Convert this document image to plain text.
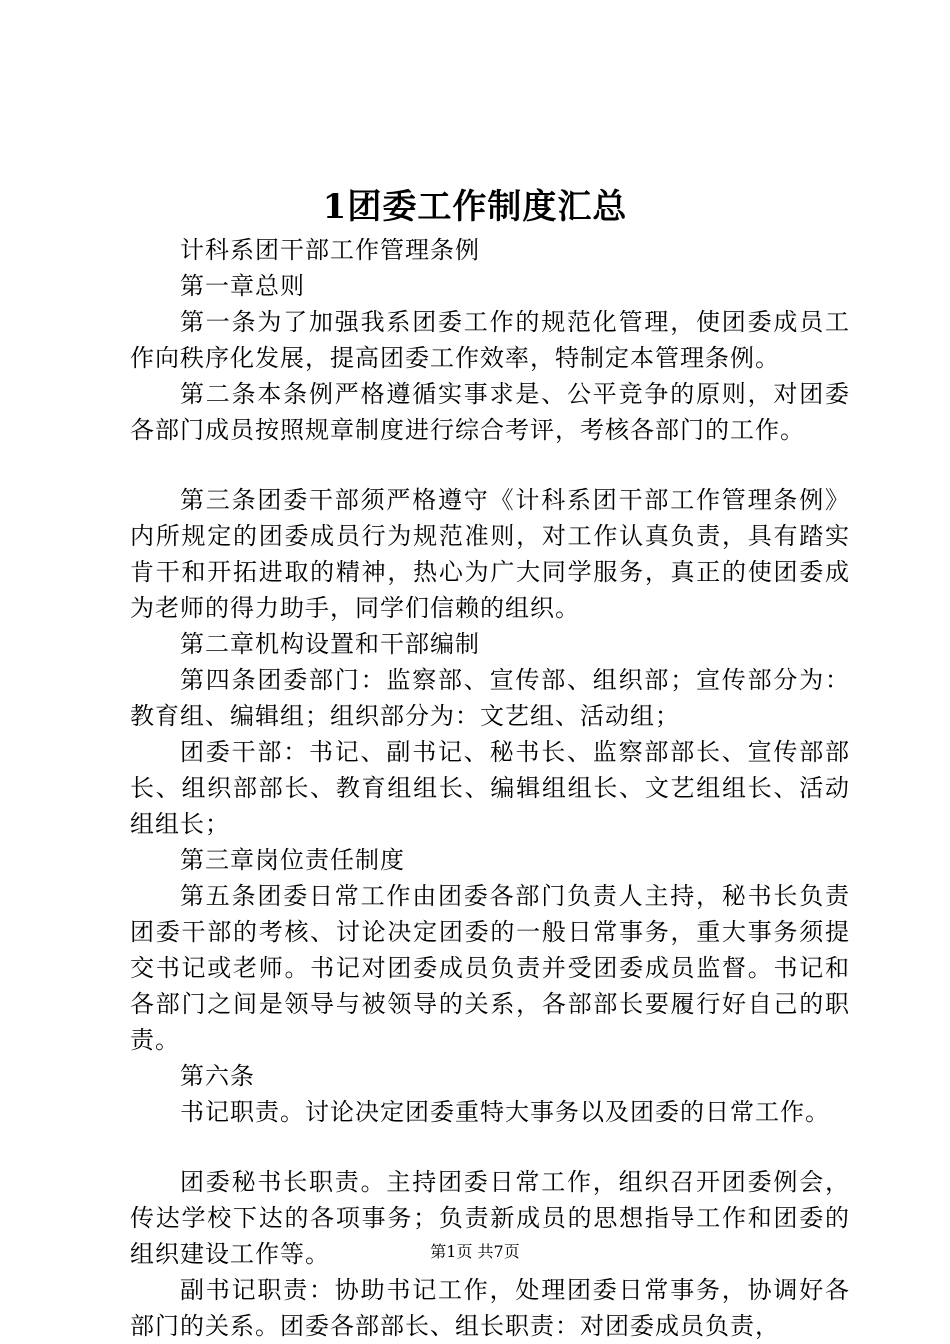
1团委工作制度汇总

计科系团干部工作管理条例

第一章总则

第一条为了加强我系团委工作的规范化管理，使团委成员工作向秩序化发展，提高团委工作效率，特制定本管理条例。

第二条本条例严格遵循实事求是、公平竞争的原则，对团委各部门成员按照规章制度进行综合考评，考核各部门的工作。

第三条团委干部须严格遵守《计科系团干部工作管理条例》内所规定的团委成员行为规范准则，对工作认真负责，具有踏实肯干和开拓进取的精神，热心为广大同学服务，真正的使团委成为老师的得力助手，同学们信赖的组织。

第二章机构设置和干部编制

第四条团委部门：监察部、宣传部、组织部；宣传部分为：教育组、编辑组；组织部分为：文艺组、活动组；

团委干部：书记、副书记、秘书长、监察部部长、宣传部部长、组织部部长、教育组组长、编辑组组长、文艺组组长、活动组组长；

第三章岗位责任制度

第五条团委日常工作由团委各部门负责人主持，秘书长负责团委干部的考核、讨论决定团委的一般日常事务，重大事务须提交书记或老师。书记对团委成员负责并受团委成员监督。书记和各部门之间是领导与被领导的关系，各部部长要履行好自己的职责。

第六条

书记职责。讨论决定团委重特大事务以及团委的日常工作。

团委秘书长职责。主持团委日常工作，组织召开团委例会，传达学校下达的各项事务；负责新成员的思想指导工作和团委的组织建设工作等。

副书记职责：协助书记工作，处理团委日常事务，协调好各部门的关系。团委各部部长、组长职责：对团委成员负责，

第1页 共7页
